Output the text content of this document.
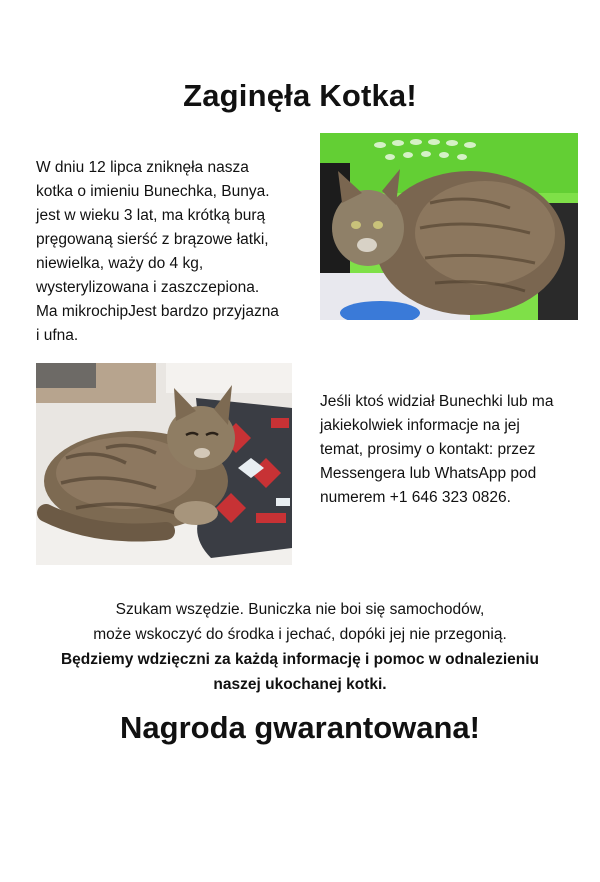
Zaginęła Kotka!
W dniu 12 lipca zniknęła nasza
kotka o imieniu Bunechka, Bunya.
jest w wieku 3 lat, ma krótką burą
pręgowaną sierść z brązowe łatki,
niewielka, waży do 4 kg,
wysterylizowana i zaszczepiona.
Ma mikrochipJest bardzo przyjazna
i ufna.
Jeśli ktoś widział Bunechki lub ma
jakiekolwiek informacje na jej
temat, prosimy o kontakt: przez
Messengera lub WhatsApp pod
numerem +1 646 323 0826.
Szukam wszędzie. Buniczka nie boi się samochodów,
może wskoczyć do środka i jechać, dopóki jej nie przegonią.
Będziemy wdzięczni za każdą informację i pomoc w odnalezieniu
naszej ukochanej kotki.
Nagroda gwarantowana!
